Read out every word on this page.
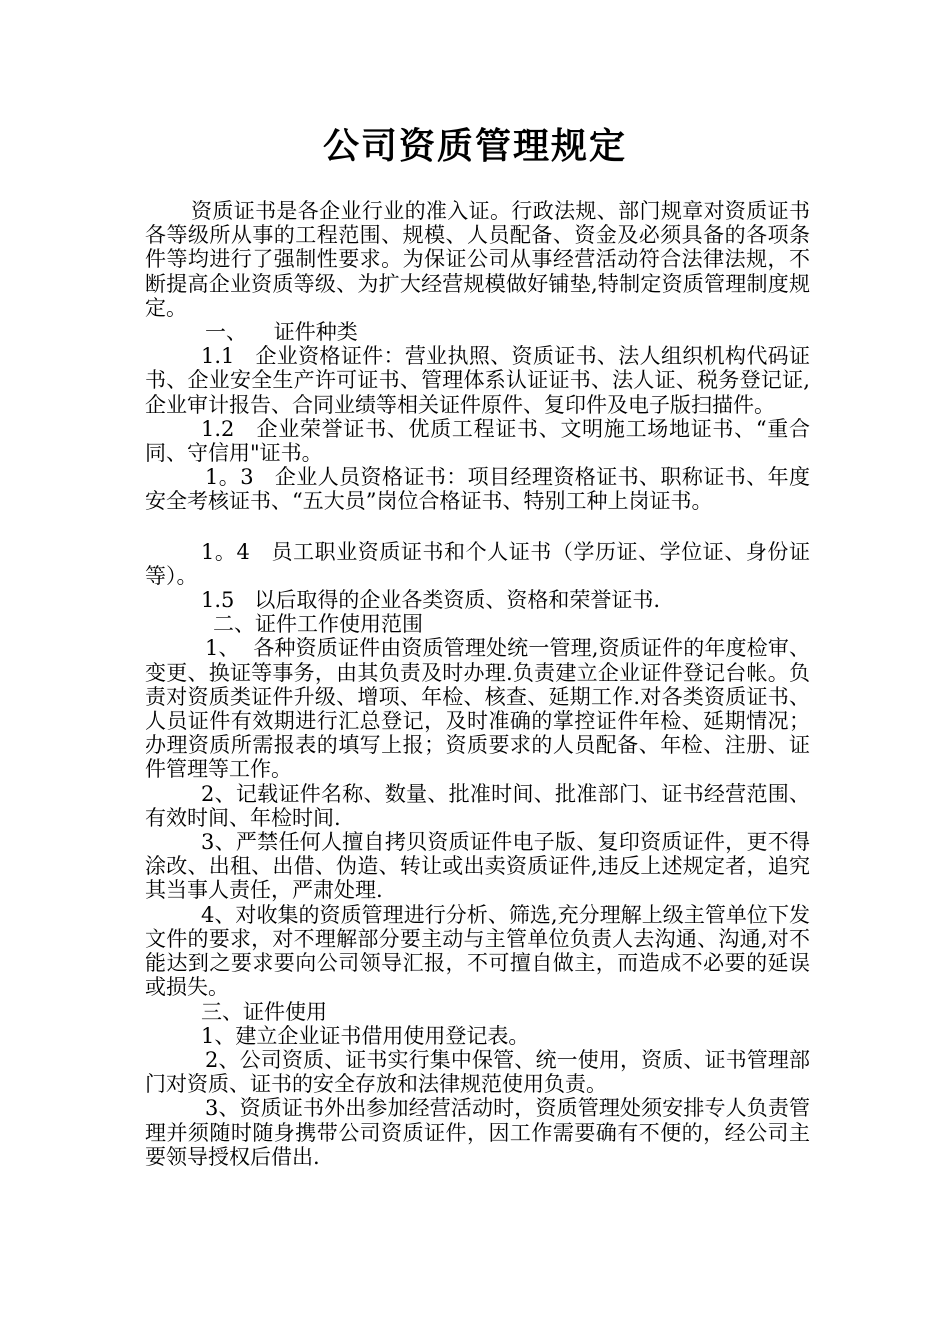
公司资质管理规定

资质证书是各企业行业的准入证。行政法规、部门规章对资质证书各等级所从事的工程范围、规模、人员配备、资金及必须具备的各项条件等均进行了强制性要求。为保证公司从事经营活动符合法律法规，不断提高企业资质等级、为扩大经营规模做好铺垫,特制定资质管理制度规定。

一、    证件种类

1.1   企业资格证件：营业执照、资质证书、法人组织机构代码证书、企业安全生产许可证书、管理体系认证证书、法人证、税务登记证,企业审计报告、合同业绩等相关证件原件、复印件及电子版扫描件。

1.2   企业荣誉证书、优质工程证书、文明施工场地证书、“重合同、守信用"证书。

1。3   企业人员资格证书：项目经理资格证书、职称证书、年度安全考核证书、“五大员”岗位合格证书、特别工种上岗证书。

1。4   员工职业资质证书和个人证书（学历证、学位证、身份证等）。

1.5   以后取得的企业各类资质、资格和荣誉证书.

二、证件工作使用范围

1、  各种资质证件由资质管理处统一管理,资质证件的年度检审、变更、换证等事务，由其负责及时办理.负责建立企业证件登记台帐。负责对资质类证件升级、增项、年检、核查、延期工作.对各类资质证书、人员证件有效期进行汇总登记，及时准确的掌控证件年检、延期情况；办理资质所需报表的填写上报；资质要求的人员配备、年检、注册、证件管理等工作。

2、记载证件名称、数量、批准时间、批准部门、证书经营范围、有效时间、年检时间.

3、严禁任何人擅自拷贝资质证件电子版、复印资质证件，更不得涂改、出租、出借、伪造、转让或出卖资质证件,违反上述规定者，追究其当事人责任，严肃处理.

4、对收集的资质管理进行分析、筛选,充分理解上级主管单位下发文件的要求，对不理解部分要主动与主管单位负责人去沟通、沟通,对不能达到之要求要向公司领导汇报，不可擅自做主，而造成不必要的延误或损失。

三、证件使用

1、建立企业证书借用使用登记表。

2、公司资质、证书实行集中保管、统一使用，资质、证书管理部门对资质、证书的安全存放和法律规范使用负责。

3、资质证书外出参加经营活动时，资质管理处须安排专人负责管理并须随时随身携带公司资质证件，因工作需要确有不便的，经公司主要领导授权后借出.
